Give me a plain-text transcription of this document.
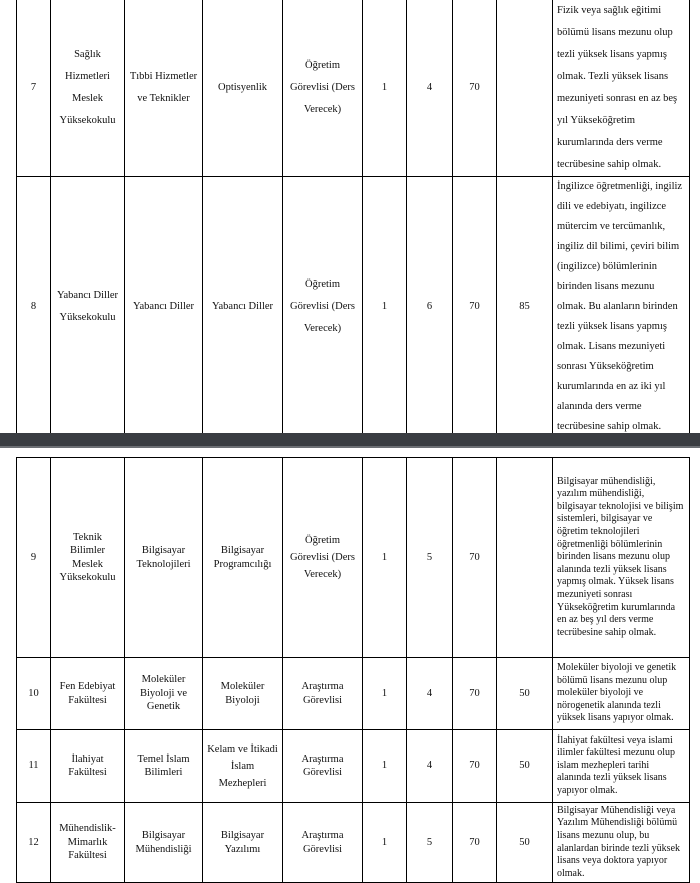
7	Sağlık Hizmetleri Meslek Yüksekokulu	Tıbbi Hizmetler ve Teknikler	Optisyenlik	Öğretim Görevlisi (Ders Verecek)	1	4	70		Fizik veya sağlık eğitimi bölümü lisans mezunu olup tezli yüksek lisans yapmış olmak. Tezli yüksek lisans mezuniyeti sonrası en az beş yıl Yükseköğretim kurumlarında ders verme tecrübesine sahip olmak.
8	Yabancı Diller Yüksekokulu	Yabancı Diller	Yabancı Diller	Öğretim Görevlisi (Ders Verecek)	1	6	70	85	İngilizce öğretmenliği, ingiliz dili ve edebiyatı, ingilizce mütercim ve tercümanlık, ingiliz dil bilimi, çeviri bilim (ingilizce) bölümlerinin birinden lisans mezunu olmak. Bu alanların birinden tezli yüksek lisans yapmış olmak. Lisans mezuniyeti sonrası Yükseköğretim kurumlarında en az iki yıl alanında ders verme tecrübesine sahip olmak.
9	Teknik Bilimler Meslek Yüksekokulu	Bilgisayar Teknolojileri	Bilgisayar Programcılığı	Öğretim Görevlisi (Ders Verecek)	1	5	70		Bilgisayar mühendisliği, yazılım mühendisliği, bilgisayar teknolojisi ve bilişim sistemleri, bilgisayar ve öğretim teknolojileri öğretmenliği bölümlerinin birinden lisans mezunu olup alanında tezli yüksek lisans yapmış olmak. Yüksek lisans mezuniyeti sonrası Yükseköğretim kurumlarında en az beş yıl ders verme tecrübesine sahip olmak.
10	Fen Edebiyat Fakültesi	Moleküler Biyoloji ve Genetik	Moleküler Biyoloji	Araştırma Görevlisi	1	4	70	50	Moleküler biyoloji ve genetik bölümü lisans mezunu olup moleküler biyoloji ve nörogenetik alanında tezli yüksek lisans yapıyor olmak.
11	İlahiyat Fakültesi	Temel İslam Bilimleri	Kelam ve İtikadi İslam Mezhepleri	Araştırma Görevlisi	1	4	70	50	İlahiyat fakültesi veya islami ilimler fakültesi mezunu olup islam mezhepleri tarihi alanında tezli yüksek lisans yapıyor olmak.
12	Mühendislik-Mimarlık Fakültesi	Bilgisayar Mühendisliği	Bilgisayar Yazılımı	Araştırma Görevlisi	1	5	70	50	Bilgisayar Mühendisliği veya Yazılım Mühendisliği bölümü lisans mezunu olup, bu alanlardan birinde tezli yüksek lisans veya doktora yapıyor olmak.
